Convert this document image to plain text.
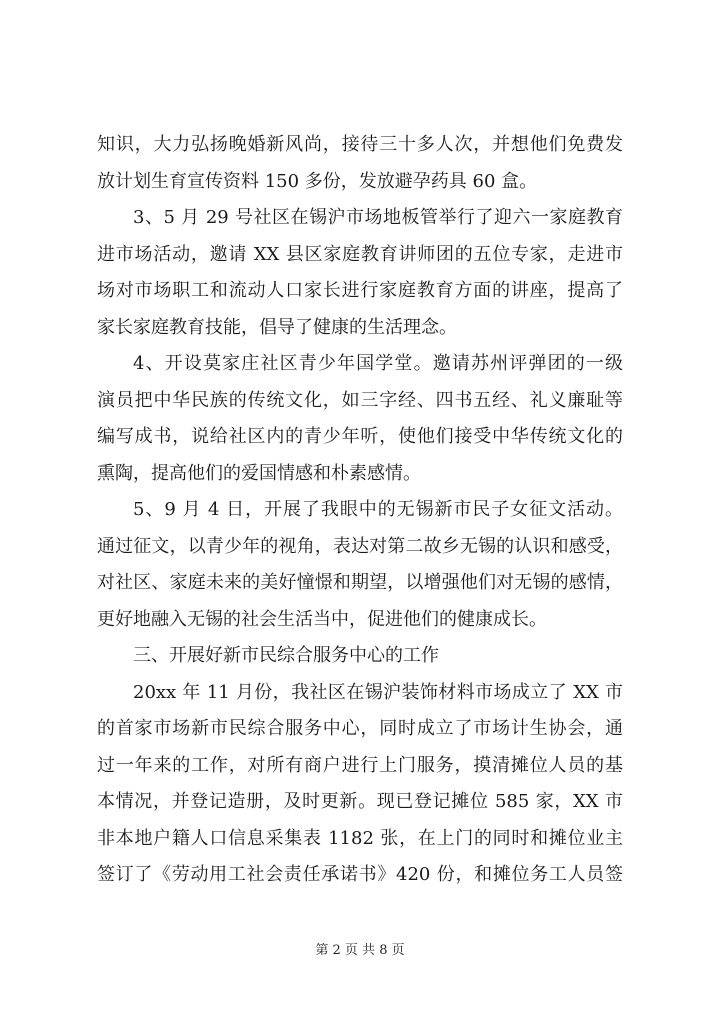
知识，大力弘扬晚婚新风尚，接待三十多人次，并想他们免费发
放计划生育宣传资料 150 多份，发放避孕药具 60 盒。
3、5 月 29 号社区在锡沪市场地板管举行了迎六一家庭教育
进市场活动，邀请 XX 县区家庭教育讲师团的五位专家，走进市
场对市场职工和流动人口家长进行家庭教育方面的讲座，提高了
家长家庭教育技能，倡导了健康的生活理念。
4、开设莫家庄社区青少年国学堂。邀请苏州评弹团的一级
演员把中华民族的传统文化，如三字经、四书五经、礼义廉耻等
编写成书，说给社区内的青少年听，使他们接受中华传统文化的
熏陶，提高他们的爱国情感和朴素感情。
5、9 月 4 日，开展了我眼中的无锡新市民子女征文活动。
通过征文，以青少年的视角，表达对第二故乡无锡的认识和感受，
对社区、家庭未来的美好憧憬和期望，以增强他们对无锡的感情，
更好地融入无锡的社会生活当中，促进他们的健康成长。
三、开展好新市民综合服务中心的工作
20xx 年 11 月份，我社区在锡沪装饰材料市场成立了 XX 市
的首家市场新市民综合服务中心，同时成立了市场计生协会，通
过一年来的工作，对所有商户进行上门服务，摸清摊位人员的基
本情况，并登记造册，及时更新。现已登记摊位 585 家，XX 市
非本地户籍人口信息采集表 1182 张，在上门的同时和摊位业主
签订了《劳动用工社会责任承诺书》420 份，和摊位务工人员签
第 2 页 共 8 页
